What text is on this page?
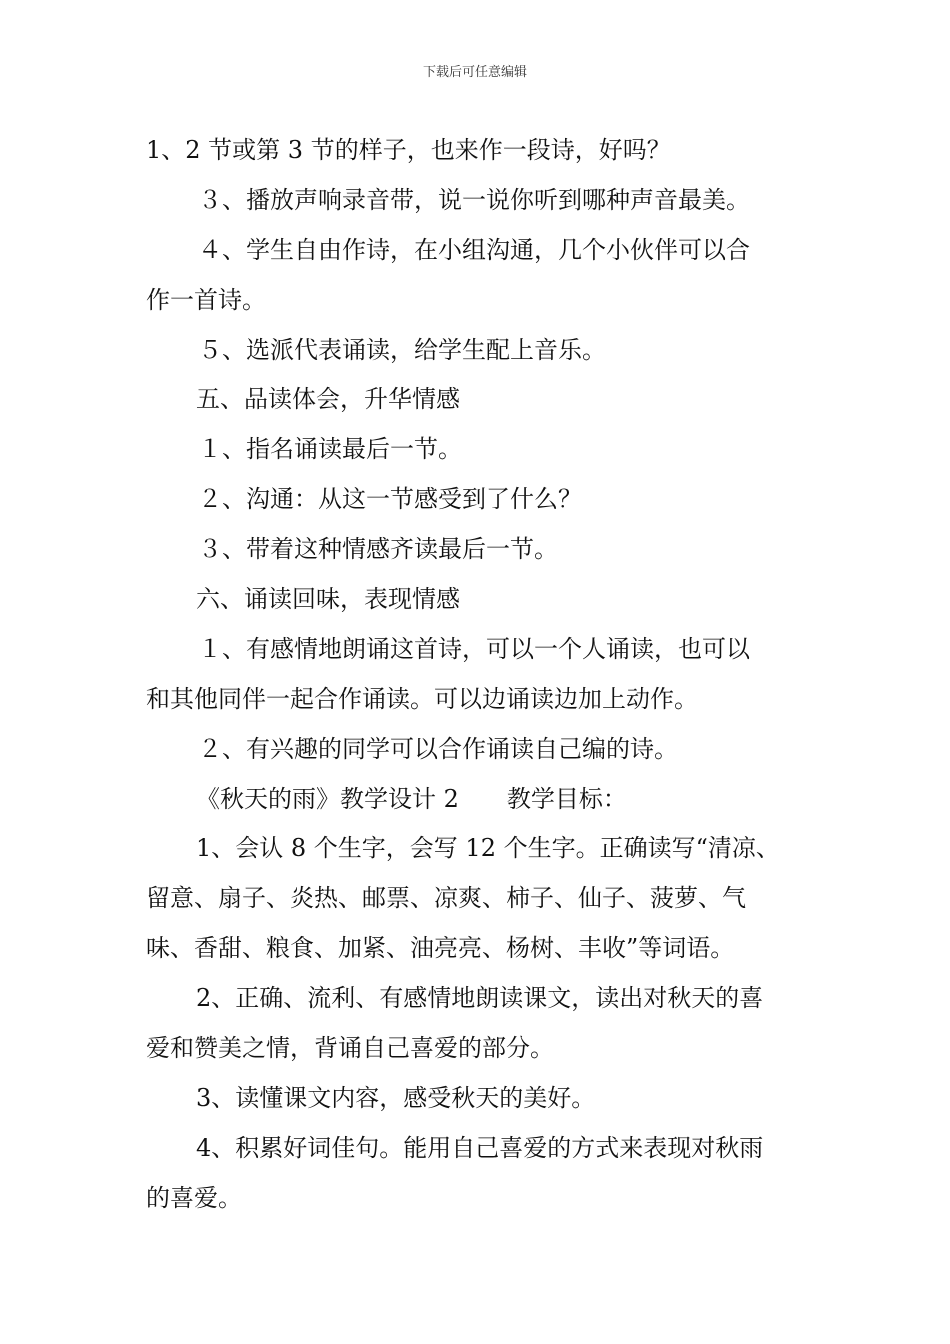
下载后可任意编辑
1、2 节或第 3 节的样子，也来作一段诗，好吗？
３、播放声响录音带，说一说你听到哪种声音最美。
４、学生自由作诗，在小组沟通，几个小伙伴可以合
作一首诗。
５、选派代表诵读，给学生配上音乐。
五、品读体会，升华情感
１、指名诵读最后一节。
２、沟通：从这一节感受到了什么？
３、带着这种情感齐读最后一节。
六、诵读回味，表现情感
１、有感情地朗诵这首诗，可以一个人诵读，也可以
和其他同伴一起合作诵读。可以边诵读边加上动作。
２、有兴趣的同学可以合作诵读自己编的诗。
《秋天的雨》教学设计 2　　教学目标：
1、会认 8 个生字，会写 12 个生字。正确读写“清凉、
留意、扇子、炎热、邮票、凉爽、柿子、仙子、菠萝、气
味、香甜、粮食、加紧、油亮亮、杨树、丰收”等词语。
2、正确、流利、有感情地朗读课文，读出对秋天的喜
爱和赞美之情，背诵自己喜爱的部分。
3、读懂课文内容，感受秋天的美好。
4、积累好词佳句。能用自己喜爱的方式来表现对秋雨
的喜爱。
